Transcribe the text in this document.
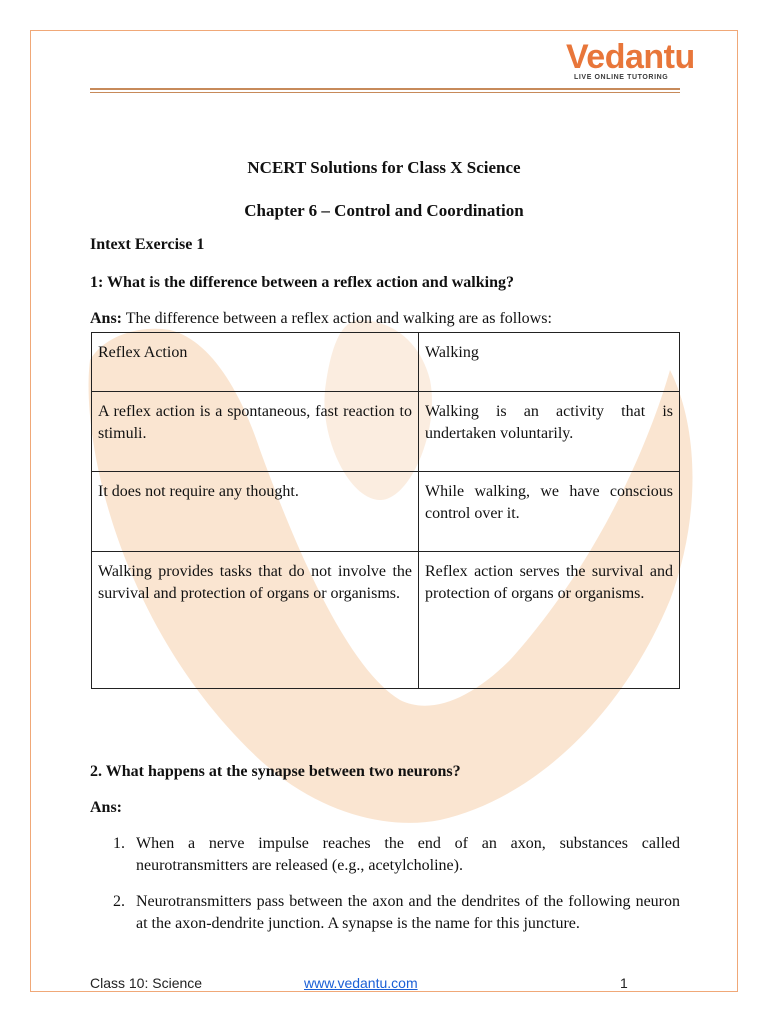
Vedantu
LIVE ONLINE TUTORING
NCERT Solutions for Class X Science
Chapter 6 – Control and Coordination
Intext Exercise 1
1: What is the difference between a reflex action and walking?
Ans: The difference between a reflex action and walking are as follows:
Reflex Action	Walking
A reflex action is a spontaneous, fast reaction to stimuli.	Walking is an activity that is undertaken voluntarily.
It does not require any thought.	While walking, we have conscious control over it.
Walking provides tasks that do not involve the survival and protection of organs or organisms.	Reflex action serves the survival and protection of organs or organisms.
2. What happens at the synapse between two neurons?
Ans:
1. When a nerve impulse reaches the end of an axon, substances called neurotransmitters are released (e.g., acetylcholine).
2. Neurotransmitters pass between the axon and the dendrites of the following neuron at the axon-dendrite junction. A synapse is the name for this juncture.
Class 10: Science	www.vedantu.com	1
